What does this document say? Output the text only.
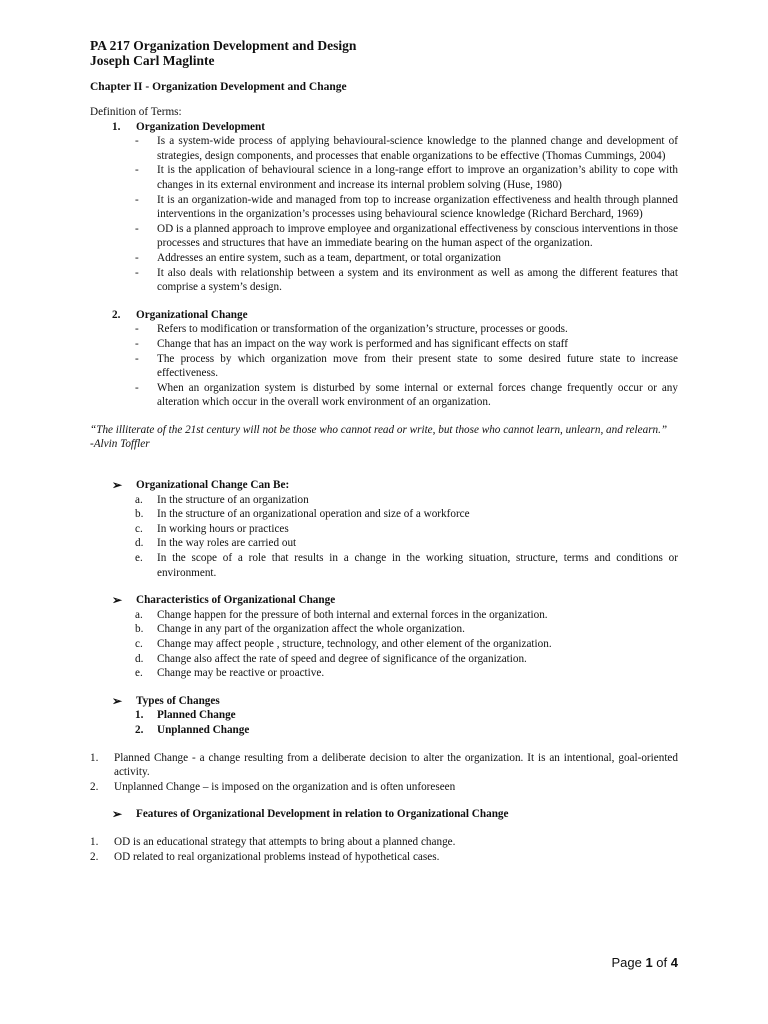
PA 217 Organization Development and Design
Joseph Carl Maglinte
Chapter II - Organization Development and Change

Definition of Terms:

1.	Organization Development
-	Is a system-wide process of applying behavioural-science knowledge to the planned change and development of strategies, design components, and processes that enable organizations to be effective (Thomas Cummings, 2004)
-	It is the application of behavioural science in a long-range effort to improve an organization’s ability to cope with changes in its external environment and increase its internal problem solving (Huse, 1980)
-	It is an organization-wide and managed from top to increase organization effectiveness and health through planned interventions in the organization’s processes using behavioural science knowledge (Richard Berchard, 1969)
-	OD is a planned approach to improve employee and organizational effectiveness by conscious interventions in those processes and structures that have an immediate bearing on the human aspect of the organization.
-	Addresses an entire system, such as a team, department, or total organization
-	It also deals with relationship between a system and its environment as well as among the different features that comprise a system’s design.
2.	Organizational Change
-	Refers to modification or transformation of the organization’s structure, processes or goods.
-	Change that has an impact on the way work is performed and has significant effects on staff
-	The process by which organization move from their present state to some desired future state to increase effectiveness.
-	When an organization system is disturbed by some internal or external forces change frequently occur or any alteration which occur in the overall work environment of an organization.
“The illiterate of the 21st century will not be those who cannot read or write, but those who cannot learn, unlearn, and relearn.”
-Alvin Toffler
➢	Organizational Change Can Be:
a.	In the structure of an organization
b.	In the structure of an organizational operation and size of a workforce
c.	In working hours or practices
d.	In the way roles are carried out
e.	In the scope of a role that results in a change in the working situation, structure, terms and conditions or environment.
➢	Characteristics of Organizational Change
a.	Change happen for the pressure of both internal and external forces in the organization.
b.	Change in any part of the organization affect the whole organization.
c.	Change may affect people , structure, technology, and other element of the organization.
d.	Change also affect the rate of speed and degree of significance of the organization.
e.	Change may be reactive or proactive.
➢	Types of Changes
1.	Planned Change
2.	Unplanned Change
1.	Planned Change - a change resulting from a deliberate decision to alter the organization. It is an intentional, goal-oriented activity.
2.	Unplanned Change – is imposed on the organization and is often unforeseen
➢	Features of Organizational Development in relation to Organizational Change
1.	OD is an educational strategy that attempts to bring about a planned change.
2.	OD related to real organizational problems instead of hypothetical cases.
Page 1 of 4
